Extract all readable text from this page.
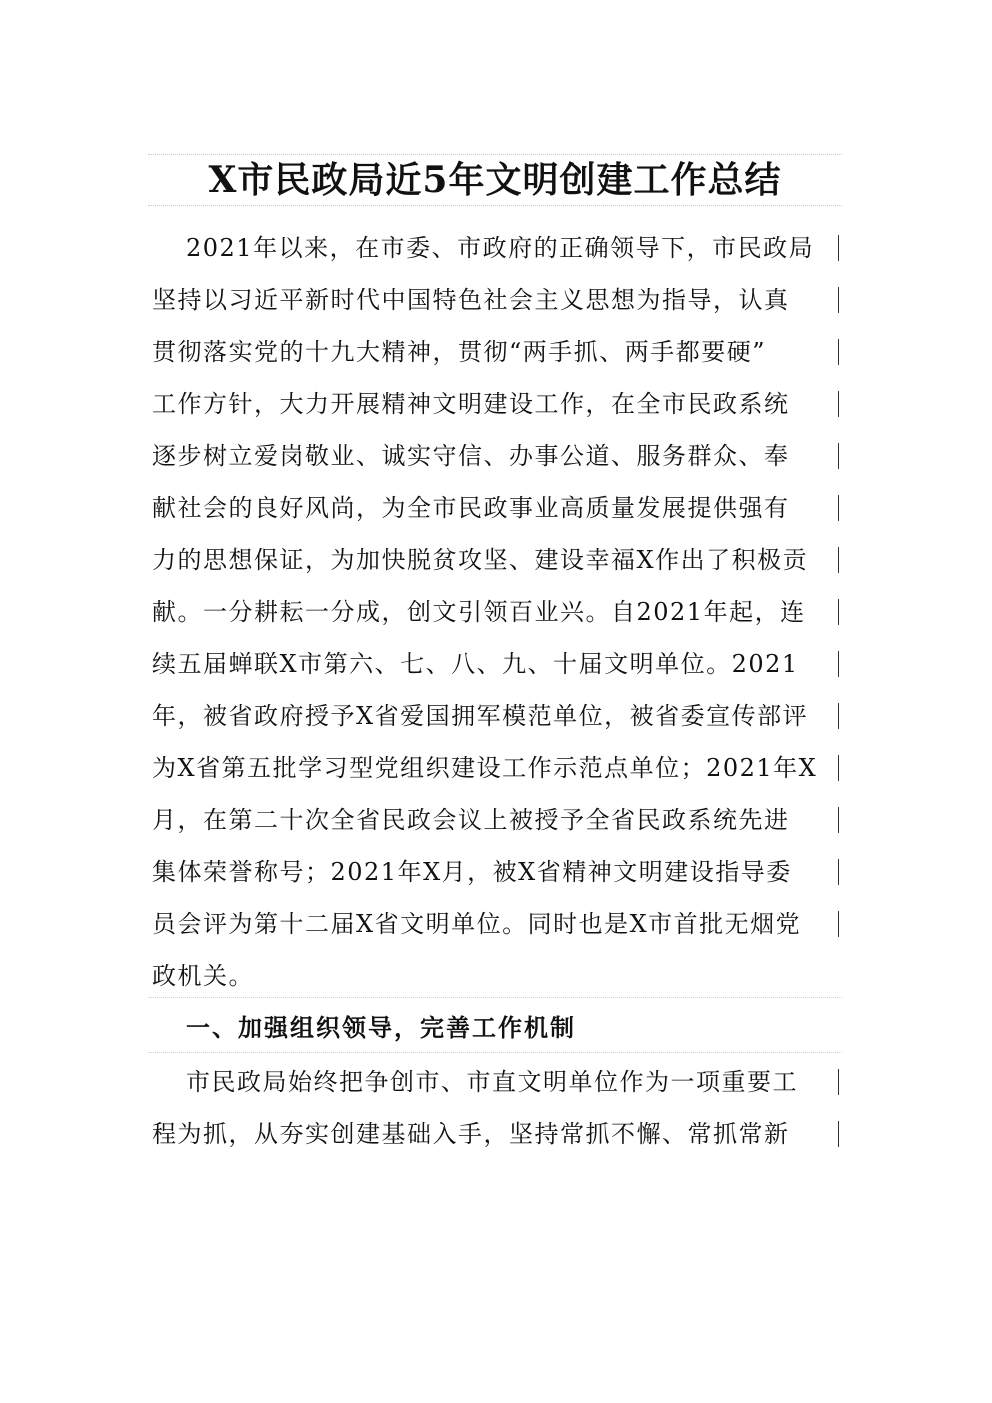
X市民政局近5年文明创建工作总结
2021年以来，在市委、市政府的正确领导下，市民政局
坚持以习近平新时代中国特色社会主义思想为指导，认真
贯彻落实党的十九大精神，贯彻“两手抓、两手都要硬”
工作方针，大力开展精神文明建设工作，在全市民政系统
逐步树立爱岗敬业、诚实守信、办事公道、服务群众、奉
献社会的良好风尚，为全市民政事业高质量发展提供强有
力的思想保证，为加快脱贫攻坚、建设幸福X作出了积极贡
献。一分耕耘一分成，创文引领百业兴。自2021年起，连
续五届蝉联X市第六、七、八、九、十届文明单位。2021
年，被省政府授予X省爱国拥军模范单位，被省委宣传部评
为X省第五批学习型党组织建设工作示范点单位；2021年X
月，在第二十次全省民政会议上被授予全省民政系统先进
集体荣誉称号；2021年X月，被X省精神文明建设指导委
员会评为第十二届X省文明单位。同时也是X市首批无烟党
政机关。
一、加强组织领导，完善工作机制
市民政局始终把争创市、市直文明单位作为一项重要工
程为抓，从夯实创建基础入手，坚持常抓不懈、常抓常新
